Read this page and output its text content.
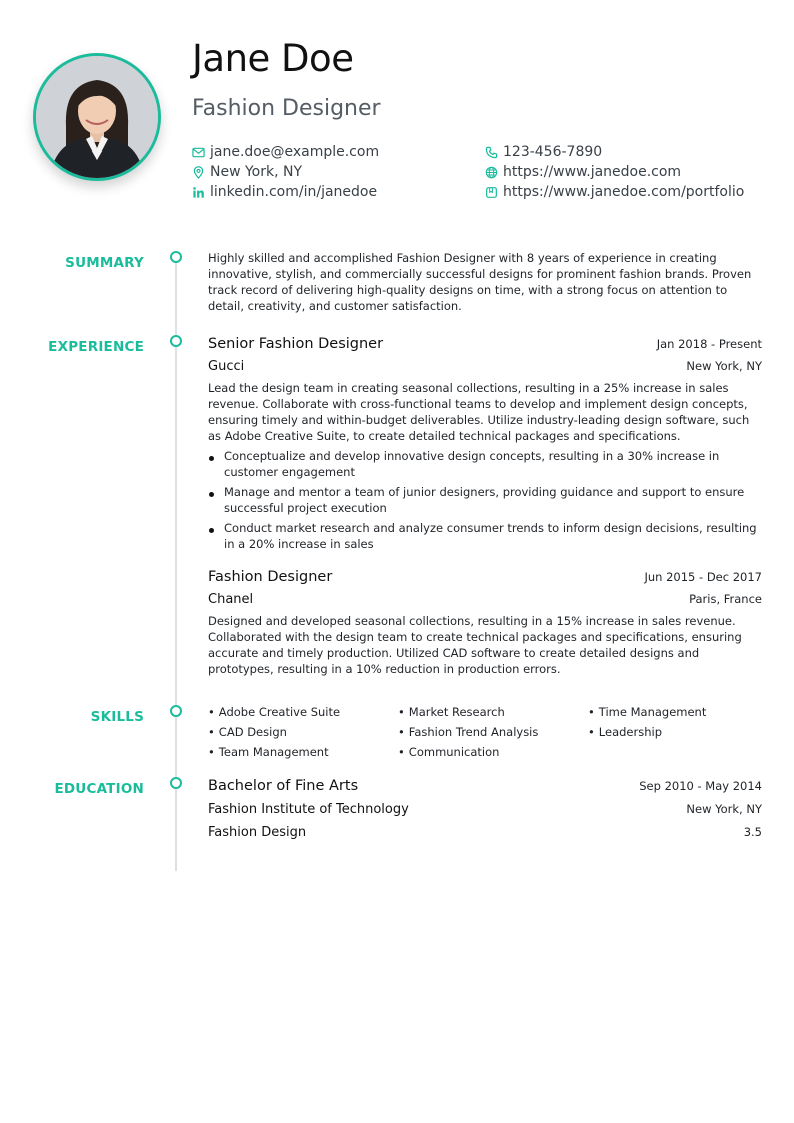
Jane Doe
Fashion Designer
jane.doe@example.com
New York, NY
linkedin.com/in/janedoe
123-456-7890
https://www.janedoe.com
https://www.janedoe.com/portfolio
SUMMARY	Highly skilled and accomplished Fashion Designer with 8 years of experience in creating innovative, stylish, and commercially successful designs for prominent fashion brands. Proven track record of delivering high-quality designs on time, with a strong focus on attention to detail, creativity, and customer satisfaction.

EXPERIENCE	Senior Fashion Designer	Jan 2018 - Present
Gucci	New York, NY

Lead the design team in creating seasonal collections, resulting in a 25% increase in sales revenue. Collaborate with cross-functional teams to develop and implement design concepts, ensuring timely and within-budget deliverables. Utilize industry-leading design software, such as Adobe Creative Suite, to create detailed technical packages and specifications.

Conceptualize and develop innovative design concepts, resulting in a 30% increase in customer engagement
Manage and mentor a team of junior designers, providing guidance and support to ensure successful project execution
Conduct market research and analyze consumer trends to inform design decisions, resulting in a 20% increase in sales
Fashion Designer	Jun 2015 - Dec 2017
Chanel	Paris, France

Designed and developed seasonal collections, resulting in a 15% increase in sales revenue. Collaborated with the design team to create technical packages and specifications, ensuring accurate and timely production. Utilized CAD software to create detailed designs and prototypes, resulting in a 10% reduction in production errors.

SKILLS	• Adobe Creative Suite	• Market Research	• Time Management
• CAD Design	• Fashion Trend Analysis	• Leadership
• Team Management	• Communication
EDUCATION	Bachelor of Fine Arts	Sep 2010 - May 2014
Fashion Institute of Technology	New York, NY
Fashion Design	3.5
